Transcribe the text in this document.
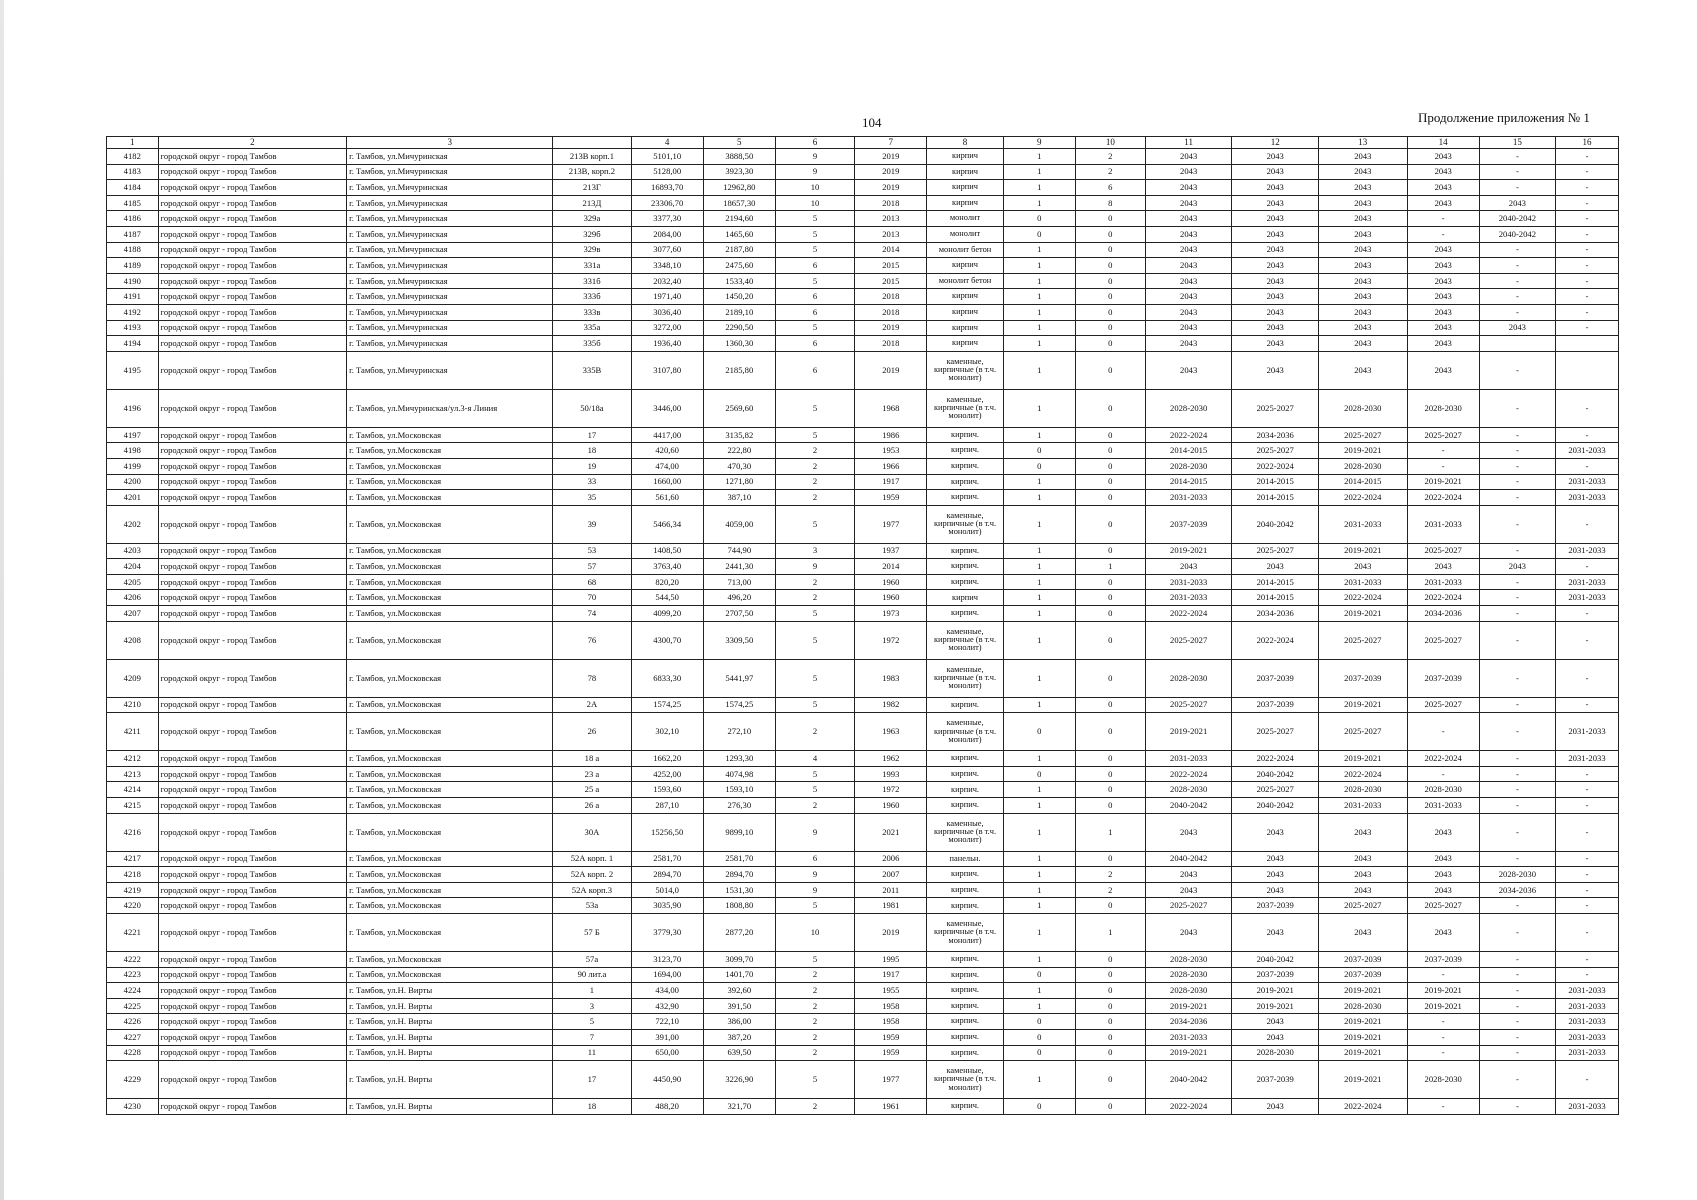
104	Продолжение приложения № 1
1	2	3		4	5	6	7	8	9	10	11	12	13	14	15	16
4182	городской округ - город Тамбов	г. Тамбов, ул.Мичуринская	213В корп.1	5101,10	3888,50	9	2019	кирпич	1	2	2043	2043	2043	2043	-	-
4183	городской округ - город Тамбов	г. Тамбов, ул.Мичуринская	213В, корп.2	5128,00	3923,30	9	2019	кирпич	1	2	2043	2043	2043	2043	-	-
4184	городской округ - город Тамбов	г. Тамбов, ул.Мичуринская	213Г	16893,70	12962,80	10	2019	кирпич	1	6	2043	2043	2043	2043	-	-
4185	городской округ - город Тамбов	г. Тамбов, ул.Мичуринская	213Д	23306,70	18657,30	10	2018	кирпич	1	8	2043	2043	2043	2043	2043	-
4186	городской округ - город Тамбов	г. Тамбов, ул.Мичуринская	329а	3377,30	2194,60	5	2013	монолит	0	0	2043	2043	2043	-	2040-2042	-
4187	городской округ - город Тамбов	г. Тамбов, ул.Мичуринская	329б	2084,00	1465,60	5	2013	монолит	0	0	2043	2043	2043	-	2040-2042	-
4188	городской округ - город Тамбов	г. Тамбов, ул.Мичуринская	329в	3077,60	2187,80	5	2014	монолит бетон	1	0	2043	2043	2043	2043	-	-
4189	городской округ - город Тамбов	г. Тамбов, ул.Мичуринская	331а	3348,10	2475,60	6	2015	кирпич	1	0	2043	2043	2043	2043	-	-
4190	городской округ - город Тамбов	г. Тамбов, ул.Мичуринская	331б	2032,40	1533,40	5	2015	монолит бетон	1	0	2043	2043	2043	2043	-	-
4191	городской округ - город Тамбов	г. Тамбов, ул.Мичуринская	333б	1971,40	1450,20	6	2018	кирпич	1	0	2043	2043	2043	2043	-	-
4192	городской округ - город Тамбов	г. Тамбов, ул.Мичуринская	333в	3036,40	2189,10	6	2018	кирпич	1	0	2043	2043	2043	2043	-	-
4193	городской округ - город Тамбов	г. Тамбов, ул.Мичуринская	335а	3272,00	2290,50	5	2019	кирпич	1	0	2043	2043	2043	2043	2043	-
4194	городской округ - город Тамбов	г. Тамбов, ул.Мичуринская	335б	1936,40	1360,30	6	2018	кирпич	1	0	2043	2043	2043	2043		
4195	городской округ - город Тамбов	г. Тамбов, ул.Мичуринская	335В	3107,80	2185,80	6	2019	каменные, кирпичные (в т.ч. монолит)	1	0	2043	2043	2043	2043	-	
4196	городской округ - город Тамбов	г. Тамбов, ул.Мичуринская/ул.3-я Линия	50/18а	3446,00	2569,60	5	1968	каменные, кирпичные (в т.ч. монолит)	1	0	2028-2030	2025-2027	2028-2030	2028-2030	-	-
4197	городской округ - город Тамбов	г. Тамбов, ул.Московская	17	4417,00	3135,82	5	1986	кирпич.	1	0	2022-2024	2034-2036	2025-2027	2025-2027	-	-
4198	городской округ - город Тамбов	г. Тамбов, ул.Московская	18	420,60	222,80	2	1953	кирпич.	0	0	2014-2015	2025-2027	2019-2021	-	-	2031-2033
4199	городской округ - город Тамбов	г. Тамбов, ул.Московская	19	474,00	470,30	2	1966	кирпич.	0	0	2028-2030	2022-2024	2028-2030	-	-	-
4200	городской округ - город Тамбов	г. Тамбов, ул.Московская	33	1660,00	1271,80	2	1917	кирпич.	1	0	2014-2015	2014-2015	2014-2015	2019-2021	-	2031-2033
4201	городской округ - город Тамбов	г. Тамбов, ул.Московская	35	561,60	387,10	2	1959	кирпич.	1	0	2031-2033	2014-2015	2022-2024	2022-2024	-	2031-2033
4202	городской округ - город Тамбов	г. Тамбов, ул.Московская	39	5466,34	4059,00	5	1977	каменные, кирпичные (в т.ч. монолит)	1	0	2037-2039	2040-2042	2031-2033	2031-2033	-	-
4203	городской округ - город Тамбов	г. Тамбов, ул.Московская	53	1408,50	744,90	3	1937	кирпич.	1	0	2019-2021	2025-2027	2019-2021	2025-2027	-	2031-2033
4204	городской округ - город Тамбов	г. Тамбов, ул.Московская	57	3763,40	2441,30	9	2014	кирпич.	1	1	2043	2043	2043	2043	2043	-
4205	городской округ - город Тамбов	г. Тамбов, ул.Московская	68	820,20	713,00	2	1960	кирпич.	1	0	2031-2033	2014-2015	2031-2033	2031-2033	-	2031-2033
4206	городской округ - город Тамбов	г. Тамбов, ул.Московская	70	544,50	496,20	2	1960	кирпич	1	0	2031-2033	2014-2015	2022-2024	2022-2024	-	2031-2033
4207	городской округ - город Тамбов	г. Тамбов, ул.Московская	74	4099,20	2707,50	5	1973	кирпич.	1	0	2022-2024	2034-2036	2019-2021	2034-2036	-	-
4208	городской округ - город Тамбов	г. Тамбов, ул.Московская	76	4300,70	3309,50	5	1972	каменные, кирпичные (в т.ч. монолит)	1	0	2025-2027	2022-2024	2025-2027	2025-2027	-	-
4209	городской округ - город Тамбов	г. Тамбов, ул.Московская	78	6833,30	5441,97	5	1983	каменные, кирпичные (в т.ч. монолит)	1	0	2028-2030	2037-2039	2037-2039	2037-2039	-	-
4210	городской округ - город Тамбов	г. Тамбов, ул.Московская	2А	1574,25	1574,25	5	1982	кирпич.	1	0	2025-2027	2037-2039	2019-2021	2025-2027	-	-
4211	городской округ - город Тамбов	г. Тамбов, ул.Московская	26	302,10	272,10	2	1963	каменные, кирпичные (в т.ч. монолит)	0	0	2019-2021	2025-2027	2025-2027	-	-	2031-2033
4212	городской округ - город Тамбов	г. Тамбов, ул.Московская	18 а	1662,20	1293,30	4	1962	кирпич.	1	0	2031-2033	2022-2024	2019-2021	2022-2024	-	2031-2033
4213	городской округ - город Тамбов	г. Тамбов, ул.Московская	23 а	4252,00	4074,98	5	1993	кирпич.	0	0	2022-2024	2040-2042	2022-2024	-	-	-
4214	городской округ - город Тамбов	г. Тамбов, ул.Московская	25 а	1593,60	1593,10	5	1972	кирпич.	1	0	2028-2030	2025-2027	2028-2030	2028-2030	-	-
4215	городской округ - город Тамбов	г. Тамбов, ул.Московская	26 а	287,10	276,30	2	1960	кирпич.	1	0	2040-2042	2040-2042	2031-2033	2031-2033	-	-
4216	городской округ - город Тамбов	г. Тамбов, ул.Московская	30А	15256,50	9899,10	9	2021	каменные, кирпичные (в т.ч. монолит)	1	1	2043	2043	2043	2043	-	-
4217	городской округ - город Тамбов	г. Тамбов, ул.Московская	52А корп. 1	2581,70	2581,70	6	2006	панельн.	1	0	2040-2042	2043	2043	2043	-	-
4218	городской округ - город Тамбов	г. Тамбов, ул.Московская	52А корп. 2	2894,70	2894,70	9	2007	кирпич.	1	2	2043	2043	2043	2043	2028-2030	-
4219	городской округ - город Тамбов	г. Тамбов, ул.Московская	52А корп.3	5014,0	1531,30	9	2011	кирпич.	1	2	2043	2043	2043	2043	2034-2036	-
4220	городской округ - город Тамбов	г. Тамбов, ул.Московская	53а	3035,90	1808,80	5	1981	кирпич.	1	0	2025-2027	2037-2039	2025-2027	2025-2027	-	-
4221	городской округ - город Тамбов	г. Тамбов, ул.Московская	57 Б	3779,30	2877,20	10	2019	каменные, кирпичные (в т.ч. монолит)	1	1	2043	2043	2043	2043	-	-
4222	городской округ - город Тамбов	г. Тамбов, ул.Московская	57а	3123,70	3099,70	5	1995	кирпич.	1	0	2028-2030	2040-2042	2037-2039	2037-2039	-	-
4223	городской округ - город Тамбов	г. Тамбов, ул.Московская	90 лит.а	1694,00	1401,70	2	1917	кирпич.	0	0	2028-2030	2037-2039	2037-2039	-	-	-
4224	городской округ - город Тамбов	г. Тамбов, ул.Н. Вирты	1	434,00	392,60	2	1955	кирпич.	1	0	2028-2030	2019-2021	2019-2021	2019-2021	-	2031-2033
4225	городской округ - город Тамбов	г. Тамбов, ул.Н. Вирты	3	432,90	391,50	2	1958	кирпич.	1	0	2019-2021	2019-2021	2028-2030	2019-2021	-	2031-2033
4226	городской округ - город Тамбов	г. Тамбов, ул.Н. Вирты	5	722,10	386,00	2	1958	кирпич.	0	0	2034-2036	2043	2019-2021	-	-	2031-2033
4227	городской округ - город Тамбов	г. Тамбов, ул.Н. Вирты	7	391,00	387,20	2	1959	кирпич.	0	0	2031-2033	2043	2019-2021	-	-	2031-2033
4228	городской округ - город Тамбов	г. Тамбов, ул.Н. Вирты	11	650,00	639,50	2	1959	кирпич.	0	0	2019-2021	2028-2030	2019-2021	-	-	2031-2033
4229	городской округ - город Тамбов	г. Тамбов, ул.Н. Вирты	17	4450,90	3226,90	5	1977	каменные, кирпичные (в т.ч. монолит)	1	0	2040-2042	2037-2039	2019-2021	2028-2030	-	-
4230	городской округ - город Тамбов	г. Тамбов, ул.Н. Вирты	18	488,20	321,70	2	1961	кирпич.	0	0	2022-2024	2043	2022-2024	-	-	2031-2033
